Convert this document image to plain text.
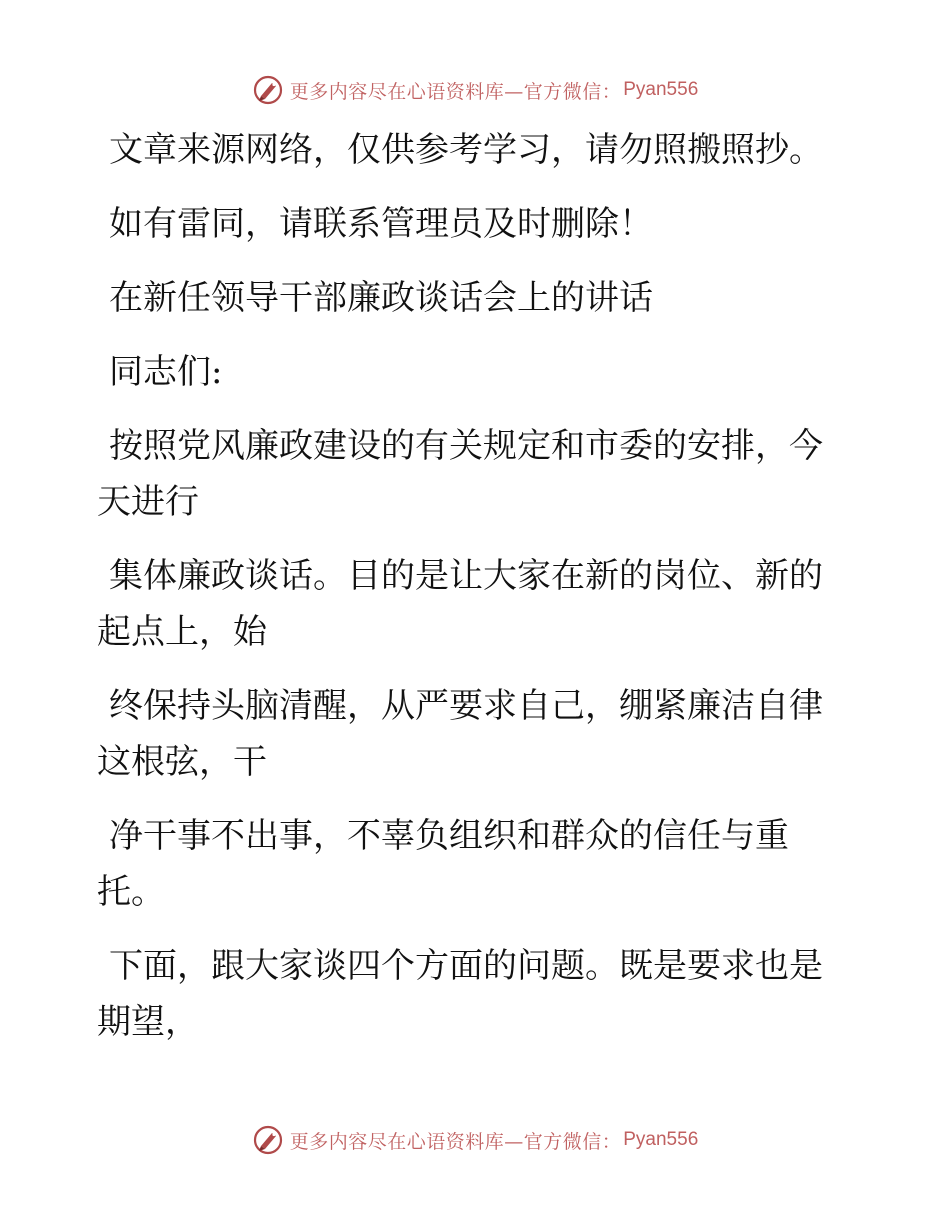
更多内容尽在心语资料库—官方微信： Pyan556

文章来源网络，仅供参考学习，请勿照搬照抄。

如有雷同，请联系管理员及时删除！

在新任领导干部廉政谈话会上的讲话

同志们:

按照党风廉政建设的有关规定和市委的安排，今天进行

集体廉政谈话。目的是让大家在新的岗位、新的起点上，始

终保持头脑清醒，从严要求自己，绷紧廉洁自律这根弦，干

净干事不出事，不辜负组织和群众的信任与重托。

下面，跟大家谈四个方面的问题。既是要求也是期望，

更多内容尽在心语资料库—官方微信： Pyan556
